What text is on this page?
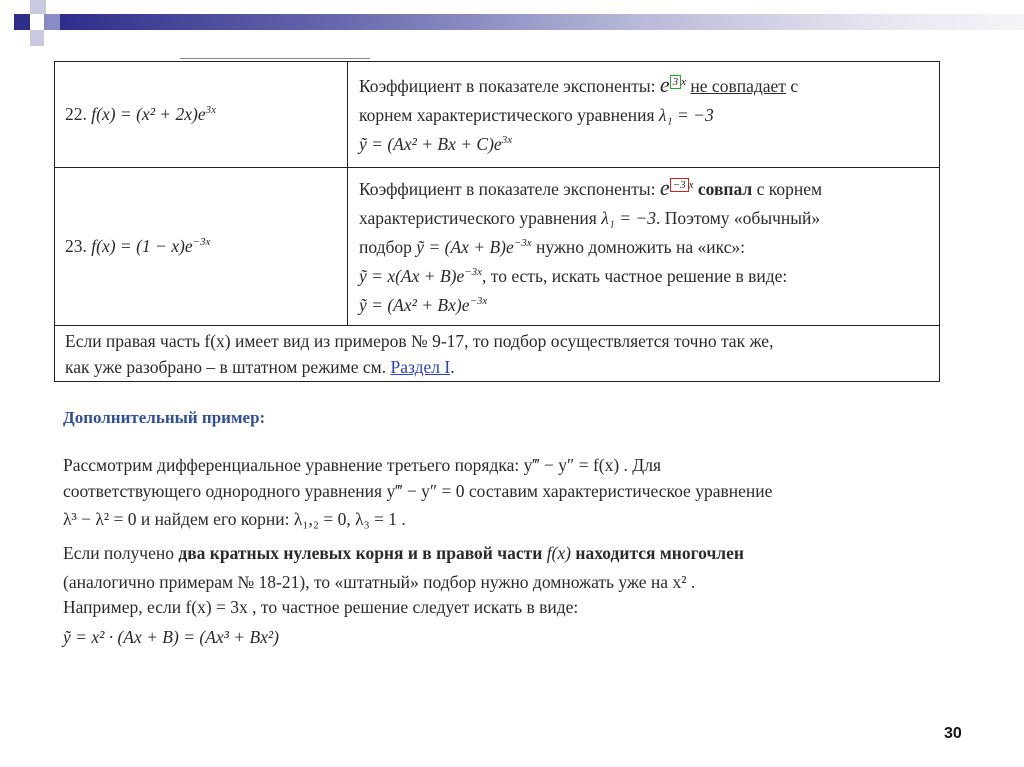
22. $f(x) = (x^2 + 2x)e^{3x}$	Коэффициент в показателе экспоненты: e $^{3 x}$ не совпадает с
корнем характеристического уравнения λ₁ = −3
ỹ = $(Ax^2 + Bx + C)e^{3x}$

23. $f(x) = (1 - x)e^{-3x}$	Коэффициент в показателе экспоненты: e $^{-3 x}$ совпал с корнем
характеристического уравнения λ₁ = −3. Поэтому «обычный»
подбор ỹ = $(Ax + B)e^{-3x}$ нужно домножить на «икс»:
ỹ = $x(Ax + B)e^{-3x}$, то есть, искать частное решение в виде:
ỹ = $(Ax^2 + Bx)e^{-3x}$

Если правая часть f(x) имеет вид из примеров № 9-17, то подбор осуществляется точно так же,
как уже разобрано – в штатном режиме см. Раздел I.	
Дополнительный пример:
Рассмотрим дифференциальное уравнение третьего порядка: y‴ − y″ = f(x) . Для
соответствующего однородного уравнения y‴ − y″ = 0 составим характеристическое уравнение
λ³ − λ² = 0 и найдем его корни: λ₁,₂ = 0, λ₃ = 1 .
Если получено два кратных нулевых корня и в правой части f(x) находится многочлен
(аналогично примерам № 18-21), то «штатный» подбор нужно домножать уже на x² .
Например, если f(x) = 3x , то частное решение следует искать в виде:
ỹ = x² · (Ax + B) = (Ax³ + Bx²)
30
